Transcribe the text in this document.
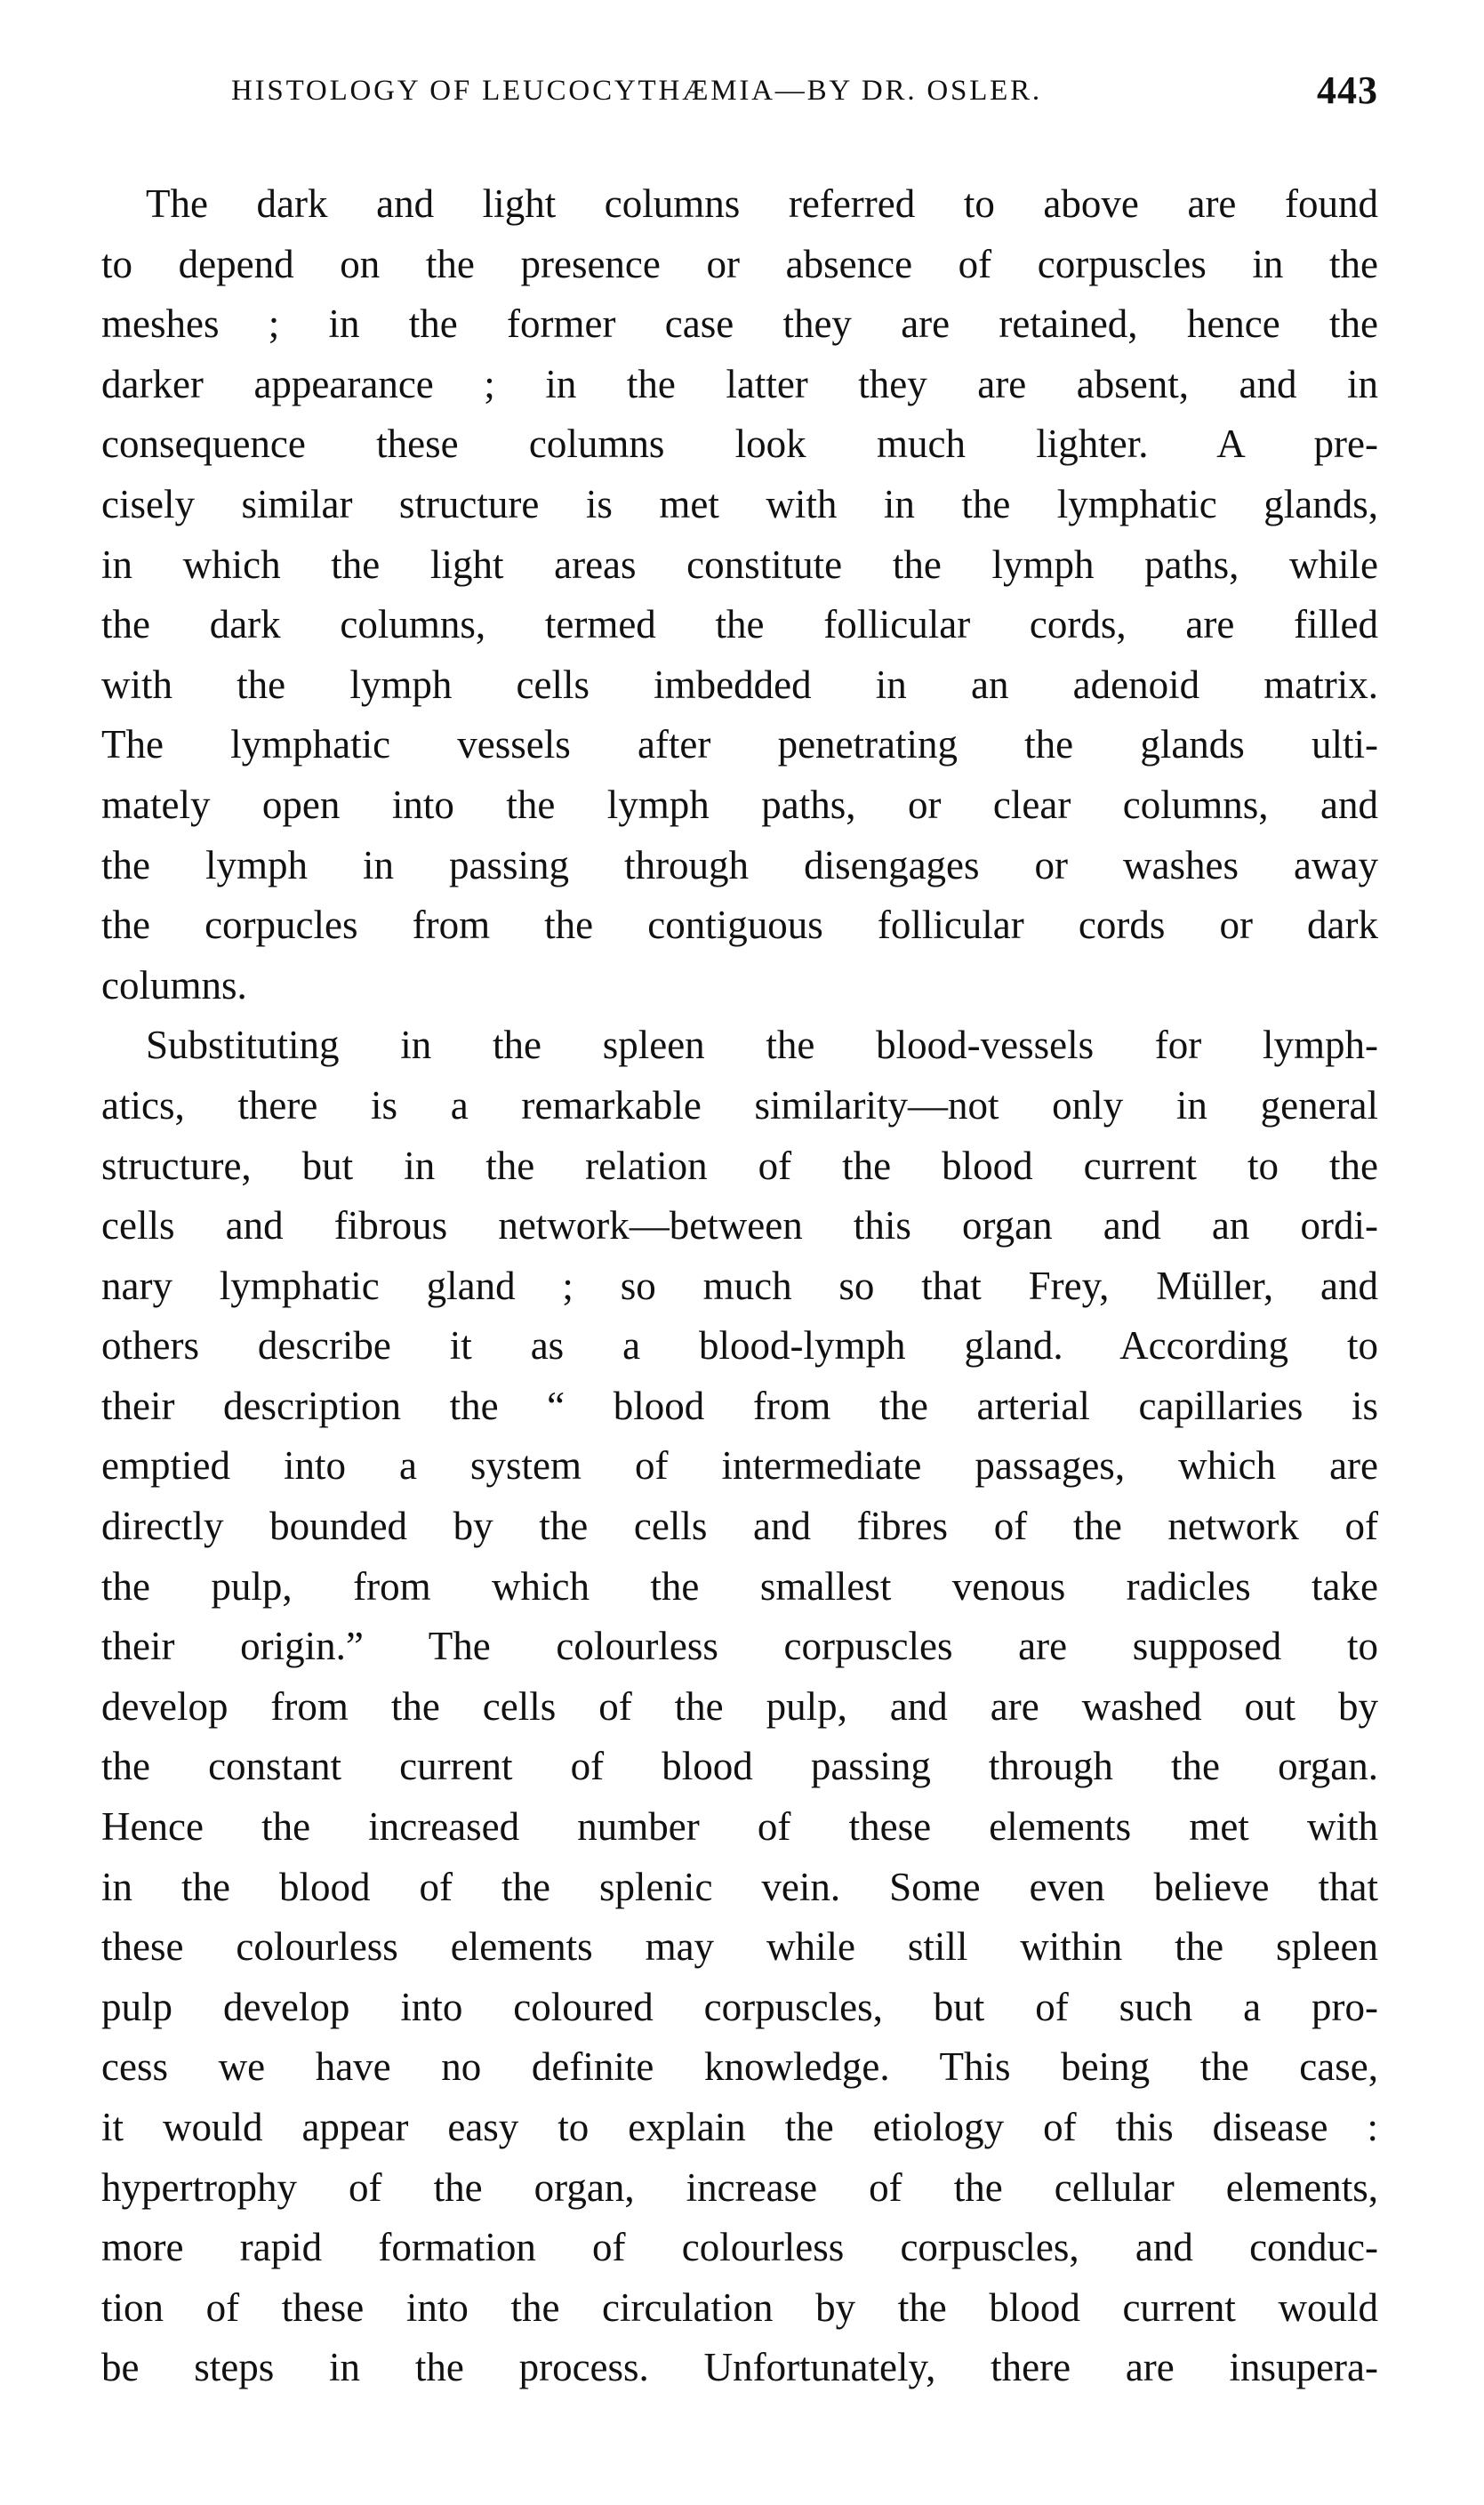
HISTOLOGY OF LEUCOCYTHÆMIA—BY DR. OSLER.	443
The dark and light columns referred to above are found
to depend on the presence or absence of corpuscles in the
meshes ; in the former case they are retained, hence the
darker appearance ; in the latter they are absent, and in
consequence these columns look much lighter. A pre-
cisely similar structure is met with in the lymphatic glands,
in which the light areas constitute the lymph paths, while
the dark columns, termed the follicular cords, are filled
with the lymph cells imbedded in an adenoid matrix.
The lymphatic vessels after penetrating the glands ulti-
mately open into the lymph paths, or clear columns, and
the lymph in passing through disengages or washes away
the corpucles from the contiguous follicular cords or dark
columns.
Substituting in the spleen the blood-vessels for lymph-
atics, there is a remarkable similarity—not only in general
structure, but in the relation of the blood current to the
cells and fibrous network—between this organ and an ordi-
nary lymphatic gland ; so much so that Frey, Müller, and
others describe it as a blood-lymph gland. According to
their description the “ blood from the arterial capillaries is
emptied into a system of intermediate passages, which are
directly bounded by the cells and fibres of the network of
the pulp, from which the smallest venous radicles take
their origin.” The colourless corpuscles are supposed to
develop from the cells of the pulp, and are washed out by
the constant current of blood passing through the organ.
Hence the increased number of these elements met with
in the blood of the splenic vein. Some even believe that
these colourless elements may while still within the spleen
pulp develop into coloured corpuscles, but of such a pro-
cess we have no definite knowledge. This being the case,
it would appear easy to explain the etiology of this disease :
hypertrophy of the organ, increase of the cellular elements,
more rapid formation of colourless corpuscles, and conduc-
tion of these into the circulation by the blood current would
be steps in the process. Unfortunately, there are insupera-
